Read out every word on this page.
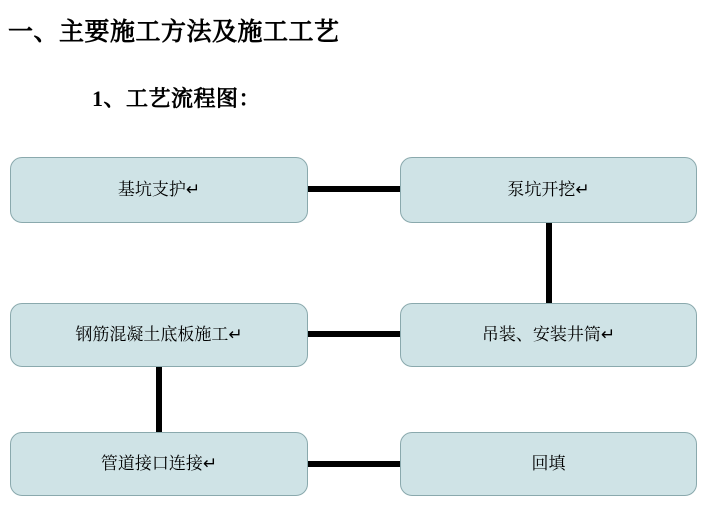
一、主要施工方法及施工工艺
1、工艺流程图：
基坑支护↵	泵坑开挖↵
钢筋混凝土底板施工↵	吊装、安装井筒↵
管道接口连接↵	回填
